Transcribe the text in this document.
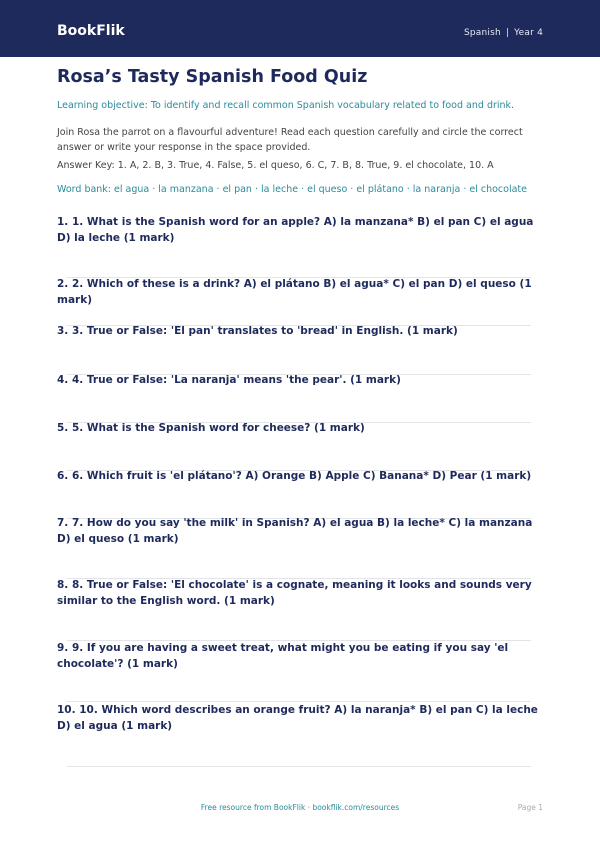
BookFlik	Spanish | Year 4
Rosa’s Tasty Spanish Food Quiz

Learning objective: To identify and recall common Spanish vocabulary related to food and drink.

Join Rosa the parrot on a flavourful adventure! Read each question carefully and circle the correct answer or write your response in the space provided.

Answer Key: 1. A, 2. B, 3. True, 4. False, 5. el queso, 6. C, 7. B, 8. True, 9. el chocolate, 10. A

Word bank: el agua · la manzana · el pan · la leche · el queso · el plátano · la naranja · el chocolate

1. 1. What is the Spanish word for an apple? A) la manzana* B) el pan C) el agua D) la leche (1 mark)
2. 2. Which of these is a drink? A) el plátano B) el agua* C) el pan D) el queso (1 mark)
3. 3. True or False: 'El pan' translates to 'bread' in English. (1 mark)
4. 4. True or False: 'La naranja' means 'the pear'. (1 mark)
5. 5. What is the Spanish word for cheese? (1 mark)
6. 6. Which fruit is 'el plátano'? A) Orange B) Apple C) Banana* D) Pear (1 mark)
7. 7. How do you say 'the milk' in Spanish? A) el agua B) la leche* C) la manzana D) el queso (1 mark)
8. 8. True or False: 'El chocolate' is a cognate, meaning it looks and sounds very similar to the English word. (1 mark)
9. 9. If you are having a sweet treat, what might you be eating if you say 'el chocolate'? (1 mark)
10. 10. Which word describes an orange fruit? A) la naranja* B) el pan C) la leche D) el agua (1 mark)
Free resource from BookFlik · bookflik.com/resources	Page 1
